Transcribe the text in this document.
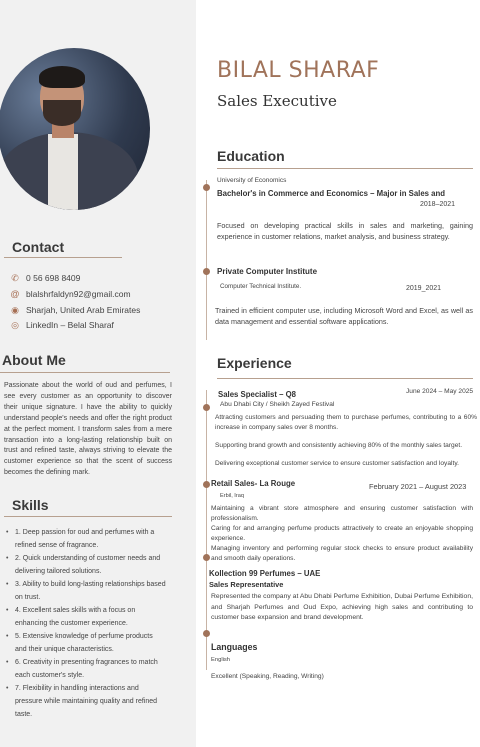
Contact
✆ 0 56 698 8409
@ blalshrfaldyn92@gmail.com
◉ Sharjah, United Arab Emirates
◎ LinkedIn – Belal Sharaf
About Me
Passionate about the world of oud and perfumes, I see every customer as an opportunity to discover their unique signature. I have the ability to quickly understand people's needs and offer the right product at the perfect moment. I transform sales from a mere transaction into a long-lasting relationship built on trust and refined taste, always striving to elevate the customer experience so that the scent of success becomes the defining mark.
Skills
• 1. Deep passion for oud and perfumes with a refined sense of fragrance.
• 2. Quick understanding of customer needs and delivering tailored solutions.
• 3. Ability to build long-lasting relationships based on trust.
• 4. Excellent sales skills with a focus on enhancing the customer experience.
• 5. Extensive knowledge of perfume products and their unique characteristics.
• 6. Creativity in presenting fragrances to match each customer's style.
• 7. Flexibility in handling interactions and pressure while maintaining quality and refined taste.
BILAL SHARAF
Sales Executive
Education
University of Economics
Bachelor's in Commerce and Economics – Major in Sales and
2018–2021
Focused on developing practical skills in sales and marketing, gaining experience in customer relations, market analysis, and business strategy.
Private Computer Institute
Computer Technical Institute.	2019_2021
Trained in efficient computer use, including Microsoft Word and Excel, as well as data management and essential software applications.
Experience
Sales Specialist – Q8	June 2024 – May 2025
Abu Dhabi City / Sheikh Zayed Festival
Attracting customers and persuading them to purchase perfumes, contributing to a 60% increase in company sales over 8 months.
Supporting brand growth and consistently achieving 80% of the monthly sales target.
Delivering exceptional customer service to ensure customer satisfaction and loyalty.
Retail Sales- La Rouge	February 2021 – August 2023
Erbil, Iraq
Maintaining a vibrant store atmosphere and ensuring customer satisfaction with professionalism.
Caring for and arranging perfume products attractively to create an enjoyable shopping experience.
Managing inventory and performing regular stock checks to ensure product availability and smooth daily operations.
Kollection 99 Perfumes – UAE
Sales Representative
Represented the company at Abu Dhabi Perfume Exhibition, Dubai Perfume Exhibition, and Sharjah Perfumes and Oud Expo, achieving high sales and contributing to customer base expansion and brand development.
Languages
English
Excellent (Speaking, Reading, Writing)
